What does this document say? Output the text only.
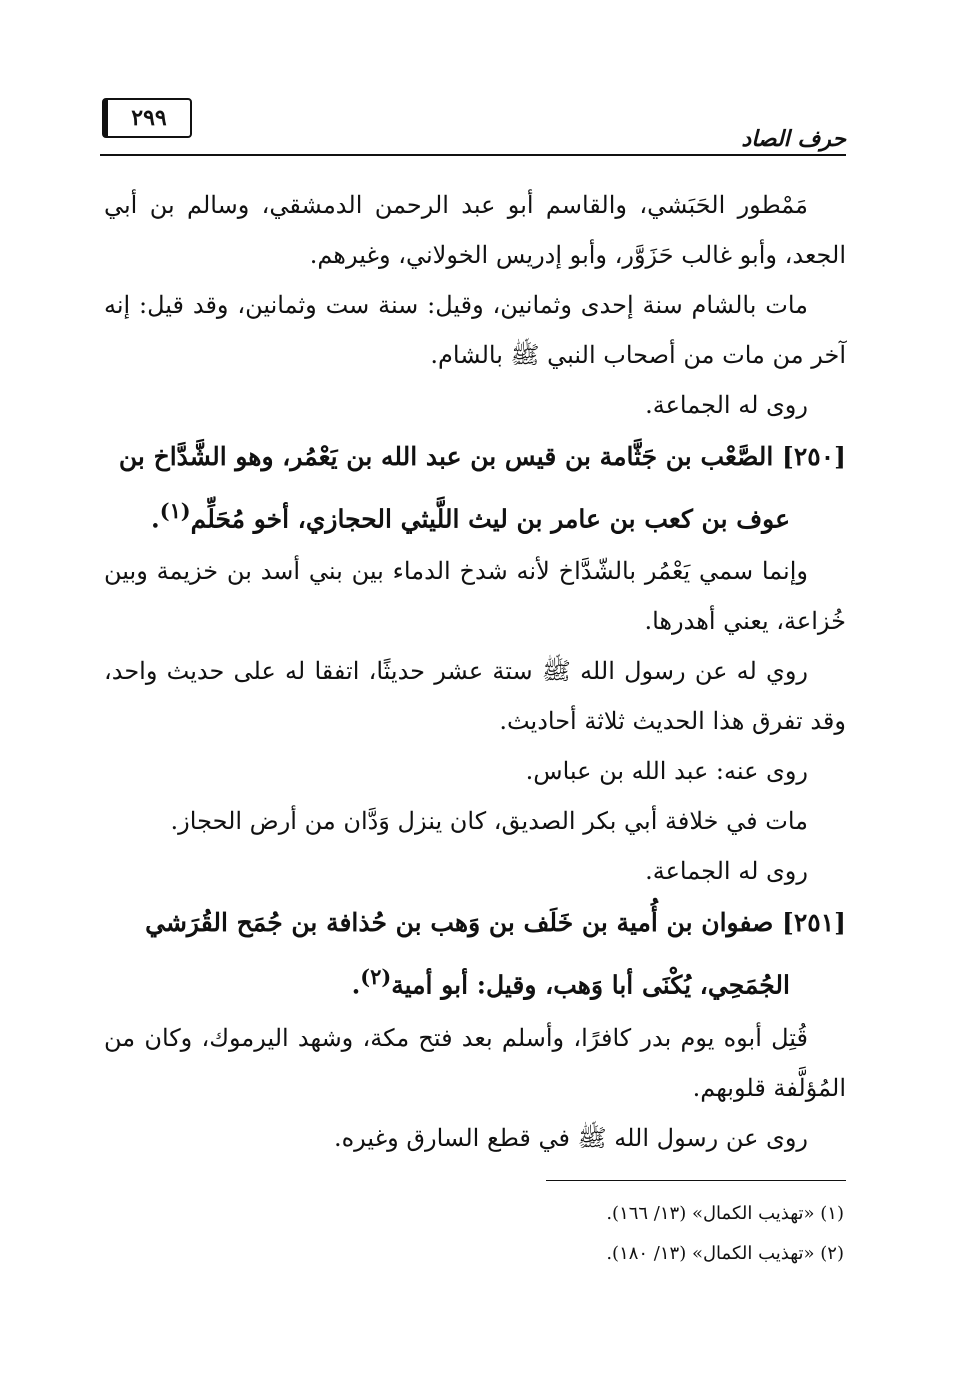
حرف الصاد
٢٩٩

مَمْطور الحَبَشي، والقاسم أبو عبد الرحمن الدمشقي، وسالم بن أبي الجعد، وأبو غالب حَزَوَّر، وأبو إدريس الخولاني، وغيرهم.

مات بالشام سنة إحدى وثمانين، وقيل: سنة ست وثمانين، وقد قيل: إنه آخر من مات من أصحاب النبي ﷺ بالشام.

روى له الجماعة.

[٢٥٠] الصَّعْب بن جَثَّامة بن قيس بن عبد الله بن يَعْمُر، وهو الشَّدَّاخ بن
عوف بن كعب بن عامر بن ليث اللَّيثي الحجازي، أخو مُحَلِّم$^{(١)}$.

وإنما سمي يَعْمُر بالشّدَّاخ لأنه شدخ الدماء بين بني أسد بن خزيمة وبين خُزاعة، يعني أهدرها.

روي له عن رسول الله ﷺ ستة عشر حديثًا، اتفقا له على حديث واحد، وقد تفرق هذا الحديث ثلاثة أحاديث.

روى عنه: عبد الله بن عباس.

مات في خلافة أبي بكر الصديق، كان ينزل وَدَّان من أرض الحجاز.

روى له الجماعة.

[٢٥١] صفوان بن أُمية بن خَلَف بن وَهب بن حُذافة بن جُمَح القُرَشي
الجُمَحِي، يُكْنَى أبا وَهب، وقيل: أبو أمية$^{(٢)}$.

قُتِل أبوه يوم بدر كافرًا، وأسلم بعد فتح مكة، وشهد اليرموك، وكان من المُؤلَّفة قلوبهم.

روى عن رسول الله ﷺ في قطع السارق وغيره.

(١) «تهذيب الكمال» (١٣/ ١٦٦).

(٢) «تهذيب الكمال» (١٣/ ١٨٠).
